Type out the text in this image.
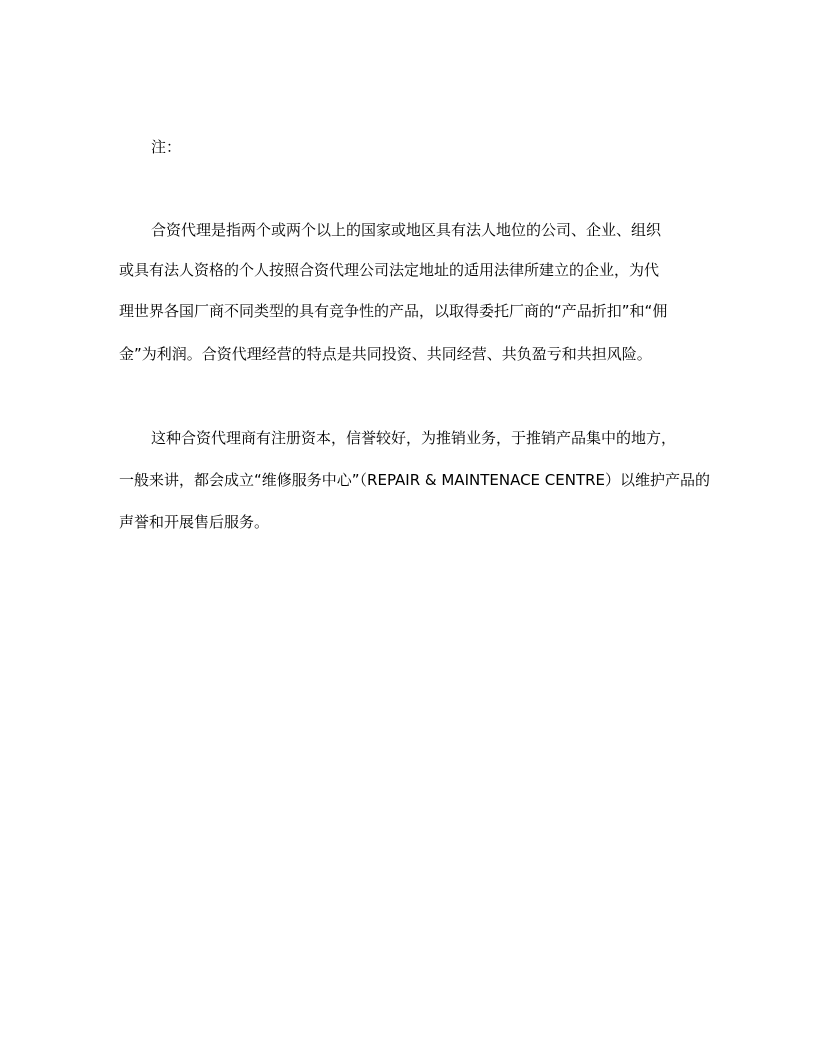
注：
合资代理是指两个或两个以上的国家或地区具有法人地位的公司、企业、组织
或具有法人资格的个人按照合资代理公司法定地址的适用法律所建立的企业，为代
理世界各国厂商不同类型的具有竞争性的产品，以取得委托厂商的“产品折扣”和“佣
金”为利润。合资代理经营的特点是共同投资、共同经营、共负盈亏和共担风险。
这种合资代理商有注册资本，信誉较好，为推销业务，于推销产品集中的地方，
一般来讲，都会成立“维修服务中心”（REPAIR & MAINTENACE CENTRE）以维护产品的
声誉和开展售后服务。
